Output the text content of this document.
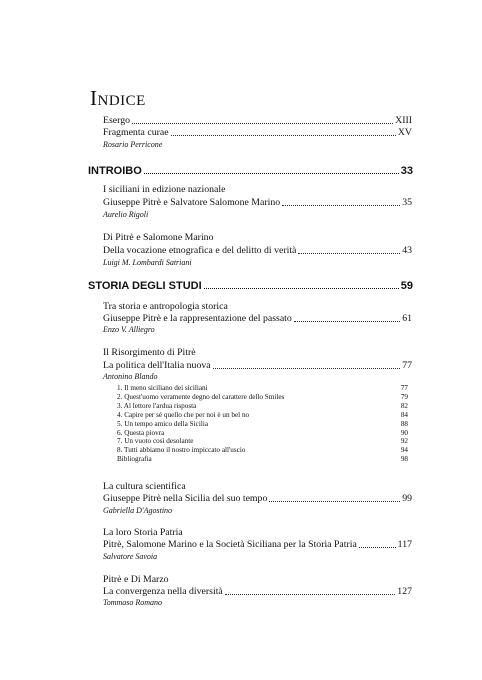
Indice
Esergo	XIII
Fragmenta curae	XV
Rosario Perricone
INTROIBO	33
I siciliani in edizione nazionale
Giuseppe Pitrè e Salvatore Salomone Marino	35
Aurelio Rigoli
Di Pitrè e Salomone Marino
Della vocazione etnografica e del delitto di verità	43
Luigi M. Lombardi Satriani
STORIA DEGLI STUDI	59
Tra storia e antropologia storica
Giuseppe Pitrè e la rappresentazione del passato	61
Enzo V. Alliegro
Il Risorgimento di Pitrè
La politica dell'Italia nuova	77
Antonino Blando
1. Il meno siciliano dei siciliani	77
2. Quest'uomo veramente degno del carattere dello Smiles	79
3. Al lettore l'ardua risposta	82
4. Capire per sé quello che per noi è un bel no	84
5. Un tempo amico della Sicilia	88
6. Questa piovra	90
7. Un vuoto così desolante	92
8. Tutti abbiamo il nostro impiccato all'uscio	94
Bibliografia	98
La cultura scientifica
Giuseppe Pitrè nella Sicilia del suo tempo	99
Gabriella D'Agostino
La loro Storia Patria
Pitrè, Salomone Marino e la Società Siciliana per la Storia Patria	117
Salvatore Savoia
Pitrè e Di Marzo
La convergenza nella diversità	127
Tommaso Romano
